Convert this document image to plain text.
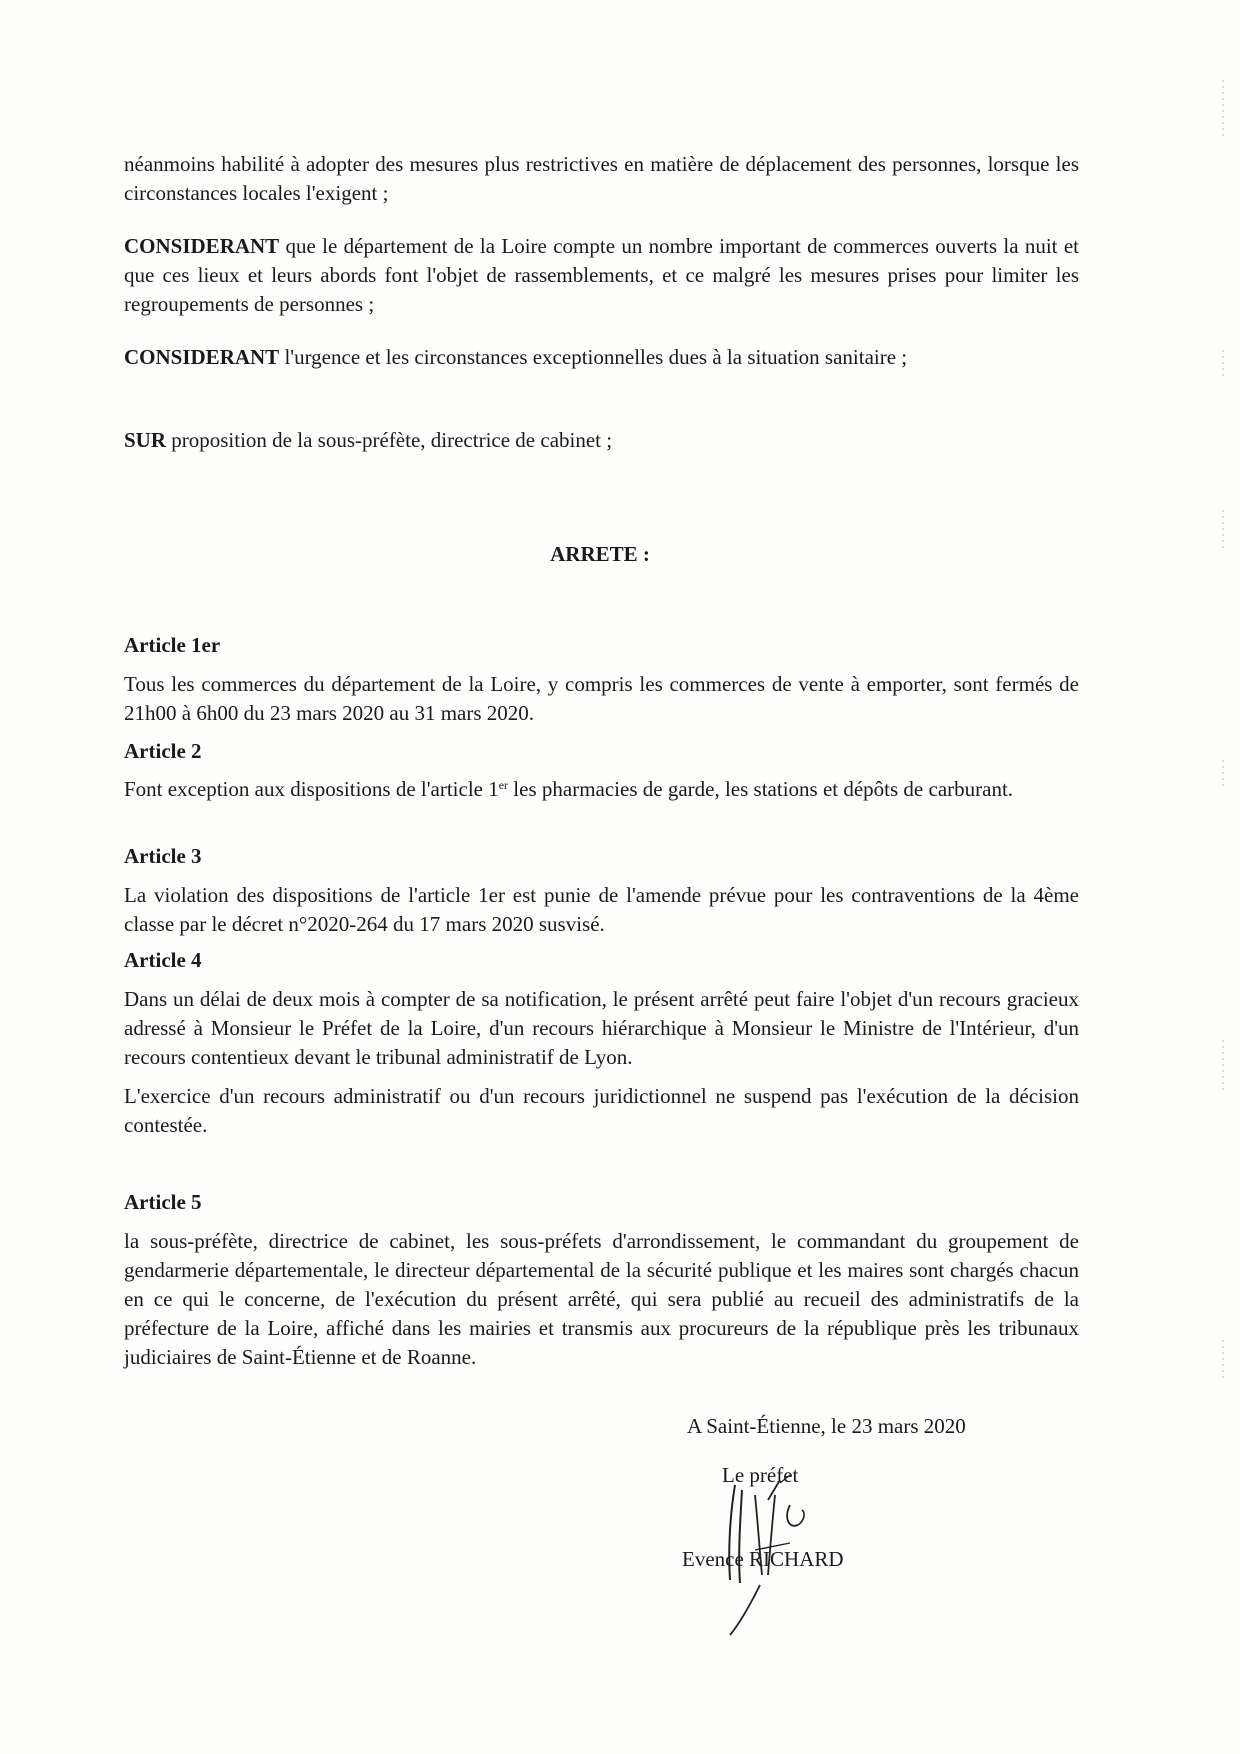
néanmoins habilité à adopter des mesures plus restrictives en matière de déplacement des personnes, lorsque les circonstances locales l'exigent ;

CONSIDERANT que le département de la Loire compte un nombre important de commerces ouverts la nuit et que ces lieux et leurs abords font l'objet de rassemblements, et ce malgré les mesures prises pour limiter les regroupements de personnes ;

CONSIDERANT l'urgence et les circonstances exceptionnelles dues à la situation sanitaire ;

SUR proposition de la sous-préfète, directrice de cabinet ;

ARRETE :
Article 1er

Tous les commerces du département de la Loire, y compris les commerces de vente à emporter, sont fermés de 21h00 à 6h00 du 23 mars 2020 au 31 mars 2020.

Article 2

Font exception aux dispositions de l'article 1er les pharmacies de garde, les stations et dépôts de carburant.

Article 3

La violation des dispositions de l'article 1er est punie de l'amende prévue pour les contraventions de la 4ème classe par le décret n°2020-264 du 17 mars 2020 susvisé.

Article 4

Dans un délai de deux mois à compter de sa notification, le présent arrêté peut faire l'objet d'un recours gracieux adressé à Monsieur le Préfet de la Loire, d'un recours hiérarchique à Monsieur le Ministre de l'Intérieur, d'un recours contentieux devant le tribunal administratif de Lyon.

L'exercice d'un recours administratif ou d'un recours juridictionnel ne suspend pas l'exécution de la décision contestée.

Article 5

la sous-préfète, directrice de cabinet, les sous-préfets d'arrondissement, le commandant du groupement de gendarmerie départementale, le directeur départemental de la sécurité publique et les maires sont chargés chacun en ce qui le concerne, de l'exécution du présent arrêté, qui sera publié au recueil des administratifs de la préfecture de la Loire, affiché dans les mairies et transmis aux procureurs de la république près les tribunaux judiciaires de Saint-Étienne et de Roanne.

A Saint-Étienne, le 23 mars 2020
Le préfet
Evence RICHARD
